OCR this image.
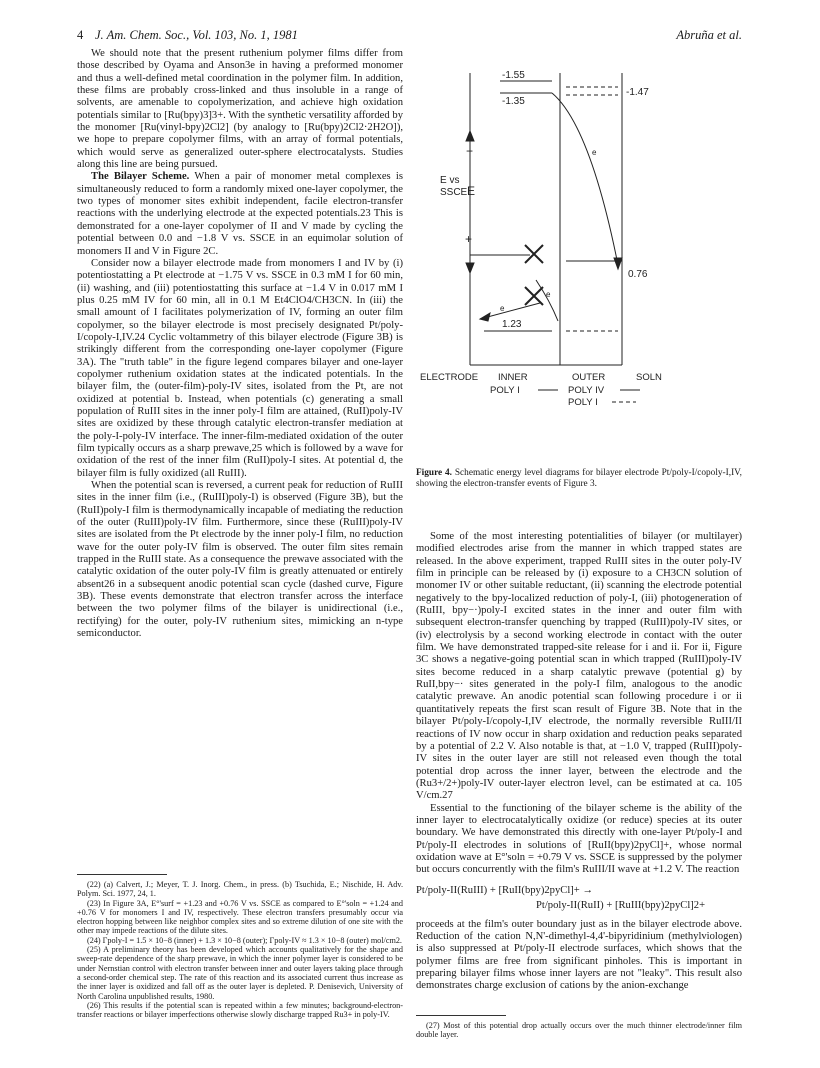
4 J. Am. Chem. Soc., Vol. 103, No. 1, 1981	Abruña et al.

We should note that the present ruthenium polymer films differ from those described by Oyama and Anson3e in having a preformed monomer and thus a well-defined metal coordination in the polymer film. In addition, these films are probably cross-linked and thus insoluble in a range of solvents, are amenable to copolymerization, and achieve high oxidation potentials similar to [Ru(bpy)3]3+. With the synthetic versatility afforded by the monomer [Ru(vinyl-bpy)2Cl2] (by analogy to [Ru(bpy)2Cl2·2H2O]), we hope to prepare copolymer films, with an array of formal potentials, which would serve as generalized outer-sphere electrocatalysts. Studies along this line are being pursued.

The Bilayer Scheme. When a pair of monomer metal complexes is simultaneously reduced to form a randomly mixed one-layer copolymer, the two types of monomer sites exhibit independent, facile electron-transfer reactions with the underlying electrode at the expected potentials.23 This is demonstrated for a one-layer copolymer of II and V made by cycling the potential between 0.0 and −1.8 V vs. SSCE in an equimolar solution of monomers II and V in Figure 2C.

Consider now a bilayer electrode made from monomers I and IV by (i) potentiostatting a Pt electrode at −1.75 V vs. SSCE in 0.3 mM I for 60 min, (ii) washing, and (iii) potentiostatting this surface at −1.4 V in 0.017 mM I plus 0.25 mM IV for 60 min, all in 0.1 M Et4ClO4/CH3CN. In (iii) the small amount of I facilitates polymerization of IV, forming an outer film copolymer, so the bilayer electrode is most precisely designated Pt/poly-I/copoly-I,IV.24 Cyclic voltammetry of this bilayer electrode (Figure 3B) is strikingly different from the corresponding one-layer copolymer (Figure 3A). The "truth table" in the figure legend compares bilayer and one-layer copolymer ruthenium oxidation states at the indicated potentials. In the bilayer film, the (outer-film)-poly-IV sites, isolated from the Pt, are not oxidized at potential b. Instead, when potentials (c) generating a small population of RuIII sites in the inner poly-I film are attained, (RuII)poly-IV sites are oxidized by these through catalytic electron-transfer mediation at the poly-I-poly-IV interface. The inner-film-mediated oxidation of the outer film typically occurs as a sharp prewave,25 which is followed by a wave for oxidation of the rest of the inner film (RuII)poly-I sites. At potential d, the bilayer film is fully oxidized (all RuIII).

When the potential scan is reversed, a current peak for reduction of RuIII sites in the inner film (i.e., (RuIII)poly-I) is observed (Figure 3B), but the (RuII)poly-I film is thermodynamically incapable of mediating the reduction of the outer (RuIII)poly-IV film. Furthermore, since these (RuIII)poly-IV sites are isolated from the Pt electrode by the inner poly-I film, no reduction wave for the outer poly-IV film is observed. The outer film sites remain trapped in the RuIII state. As a consequence the prewave associated with the catalytic oxidation of the outer poly-IV film is greatly attenuated or entirely absent26 in a subsequent anodic potential scan cycle (dashed curve, Figure 3B). These events demonstrate that electron transfer across the interface between the two polymer films of the bilayer is unidirectional (i.e., rectifying) for the outer, poly-IV ruthenium sites, mimicking an n-type semiconductor.

(22) (a) Calvert, J.; Meyer, T. J. Inorg. Chem., in press. (b) Tsuchida, E.; Nischide, H. Adv. Polym. Sci. 1977, 24, 1.

(23) In Figure 3A, E°'surf = +1.23 and +0.76 V vs. SSCE as compared to E°'soln = +1.24 and +0.76 V for monomers I and IV, respectively. These electron transfers presumably occur via electron hopping between like neighbor complex sites and so extreme dilution of one site with the other may impede reactions of the dilute sites.

(24) Γpoly-I = 1.5 × 10−8 (inner) + 1.3 × 10−8 (outer); Γpoly-IV ≈ 1.3 × 10−8 (outer) mol/cm2.

(25) A preliminary theory has been developed which accounts qualitatively for the shape and sweep-rate dependence of the sharp prewave, in which the inner polymer layer is considered to be under Nernstian control with electron transfer between inner and outer layers taking place through a second-order chemical step. The rate of this reaction and its associated current thus increase as the inner layer is oxidized and fall off as the outer layer is depleted. P. Denisevich, University of North Carolina unpublished results, 1980.

(26) This results if the potential scan is repeated within a few minutes; background-electron-transfer reactions or bilayer imperfections otherwise slowly discharge trapped Ru3+ in poly-IV.

-1.55
-1.35
-1.47
0.76
1.23
E vs
SSCE E
−
+
e
e
e
ELECTRODE INNER	OUTER	SOLN
POLY I	POLY IV
POLY I
Figure 4. Schematic energy level diagrams for bilayer electrode Pt/poly-I/copoly-I,IV, showing the electron-transfer events of Figure 3.

Some of the most interesting potentialities of bilayer (or multilayer) modified electrodes arise from the manner in which trapped states are released. In the above experiment, trapped RuIII sites in the outer poly-IV film in principle can be released by (i) exposure to a CH3CN solution of monomer IV or other suitable reductant, (ii) scanning the electrode potential negatively to the bpy-localized reduction of poly-I, (iii) photogeneration of (RuIII, bpy−·)poly-I excited states in the inner and outer film with subsequent electron-transfer quenching by trapped (RuIII)poly-IV sites, or (iv) electrolysis by a second working electrode in contact with the outer film. We have demonstrated trapped-site release for i and ii. For ii, Figure 3C shows a negative-going potential scan in which trapped (RuIII)poly-IV sites become reduced in a sharp catalytic prewave (potential g) by RuII,bpy−· sites generated in the poly-I film, analogous to the anodic catalytic prewave. An anodic potential scan following procedure i or ii quantitatively repeats the first scan result of Figure 3B. Note that in the bilayer Pt/poly-I/copoly-I,IV electrode, the normally reversible RuIII/II reactions of IV now occur in sharp oxidation and reduction peaks separated by a potential of 2.2 V. Also notable is that, at −1.0 V, trapped (RuIII)poly-IV sites in the outer layer are still not released even though the total potential drop across the inner layer, between the electrode and the (Ru3+/2+)poly-IV outer-layer electron level, can be estimated at ca. 105 V/cm.27

Essential to the functioning of the bilayer scheme is the ability of the inner layer to electrocatalytically oxidize (or reduce) species at its outer boundary. We have demonstrated this directly with one-layer Pt/poly-I and Pt/poly-II electrodes in solutions of [RuII(bpy)2pyCl]+, whose normal oxidation wave at E°'soln = +0.79 V vs. SSCE is suppressed by the polymer but occurs concurrently with the film's RuIII/II wave at +1.2 V. The reaction

Pt/poly-II(RuIII) + [RuII(bpy)2pyCl]+ →
Pt/poly-II(RuII) + [RuIII(bpy)2pyCl]2+

proceeds at the film's outer boundary just as in the bilayer electrode above. Reduction of the cation N,N'-dimethyl-4,4'-bipyridinium (methylviologen) is also suppressed at Pt/poly-II electrode surfaces, which shows that the polymer films are free from significant pinholes. This is important in preparing bilayer films whose inner layers are not "leaky". This result also demonstrates charge exclusion of cations by the anion-exchange

(27) Most of this potential drop actually occurs over the much thinner electrode/inner film double layer.
